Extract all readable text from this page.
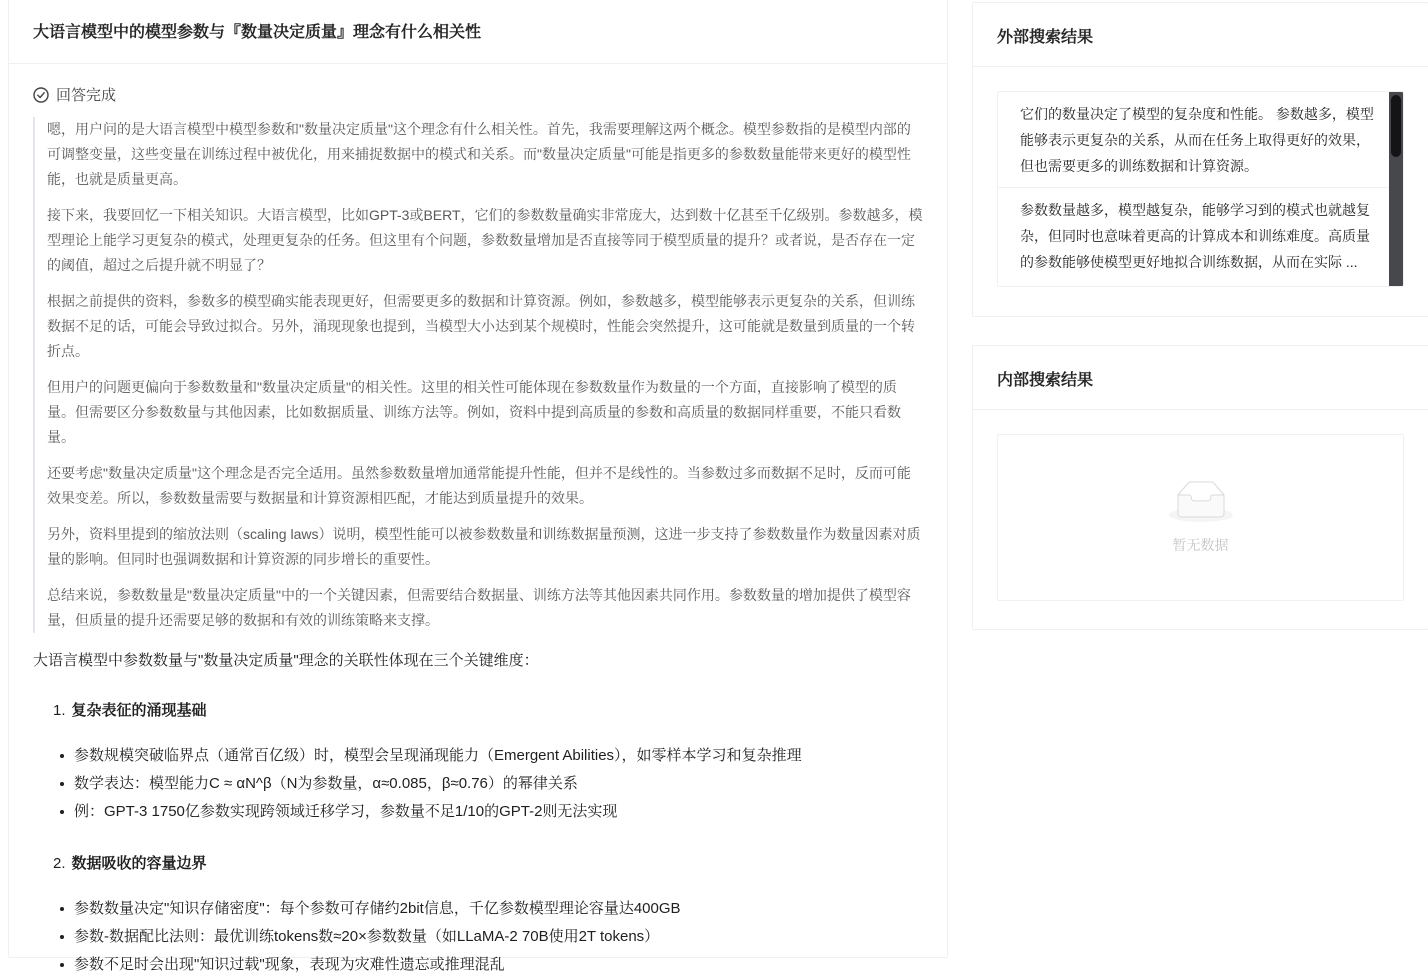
大语言模型中的模型参数与『数量决定质量』理念有什么相关性
回答完成
嗯，用户问的是大语言模型中模型参数和"数量决定质量"这个理念有什么相关性。首先，我需要理解这两个概念。模型参数指的是模型内部的可调整变量，这些变量在训练过程中被优化，用来捕捉数据中的模式和关系。而"数量决定质量"可能是指更多的参数数量能带来更好的模型性能，也就是质量更高。
接下来，我要回忆一下相关知识。大语言模型，比如GPT-3或BERT，它们的参数数量确实非常庞大，达到数十亿甚至千亿级别。参数越多，模型理论上能学习更复杂的模式，处理更复杂的任务。但这里有个问题，参数数量增加是否直接等同于模型质量的提升？或者说，是否存在一定的阈值，超过之后提升就不明显了？
根据之前提供的资料，参数多的模型确实能表现更好，但需要更多的数据和计算资源。例如，参数越多，模型能够表示更复杂的关系，但训练数据不足的话，可能会导致过拟合。另外，涌现现象也提到，当模型大小达到某个规模时，性能会突然提升，这可能就是数量到质量的一个转折点。
但用户的问题更偏向于参数数量和"数量决定质量"的相关性。这里的相关性可能体现在参数数量作为数量的一个方面，直接影响了模型的质量。但需要区分参数数量与其他因素，比如数据质量、训练方法等。例如，资料中提到高质量的参数和高质量的数据同样重要，不能只看数量。
还要考虑"数量决定质量"这个理念是否完全适用。虽然参数数量增加通常能提升性能，但并不是线性的。当参数过多而数据不足时，反而可能效果变差。所以，参数数量需要与数据量和计算资源相匹配，才能达到质量提升的效果。
另外，资料里提到的缩放法则（scaling laws）说明，模型性能可以被参数数量和训练数据量预测，这进一步支持了参数数量作为数量因素对质量的影响。但同时也强调数据和计算资源的同步增长的重要性。
总结来说，参数数量是"数量决定质量"中的一个关键因素，但需要结合数据量、训练方法等其他因素共同作用。参数数量的增加提供了模型容量，但质量的提升还需要足够的数据和有效的训练策略来支撑。
大语言模型中参数数量与"数量决定质量"理念的关联性体现在三个关键维度：
1. 复杂表征的涌现基础
参数规模突破临界点（通常百亿级）时，模型会呈现涌现能力（Emergent Abilities），如零样本学习和复杂推理
数学表达：模型能力C ≈ αN^β（N为参数量，α≈0.085，β≈0.76）的幂律关系
例：GPT-3 1750亿参数实现跨领域迁移学习，参数量不足1/10的GPT-2则无法实现
2. 数据吸收的容量边界
参数数量决定"知识存储密度"：每个参数可存储约2bit信息，千亿参数模型理论容量达400GB
参数-数据配比法则：最优训练tokens数≈20×参数数量（如LLaMA-2 70B使用2T tokens）
参数不足时会出现"知识过载"现象，表现为灾难性遗忘或推理混乱
外部搜索结果
它们的数量决定了模型的复杂度和性能。 参数越多，模型能够表示更复杂的关系，从而在任务上取得更好的效果，但也需要更多的训练数据和计算资源。
参数数量越多，模型越复杂，能够学习到的模式也就越复杂，但同时也意味着更高的计算成本和训练难度。高质量的参数能够使模型更好地拟合训练数据，从而在实际 ...
内部搜索结果
暂无数据
